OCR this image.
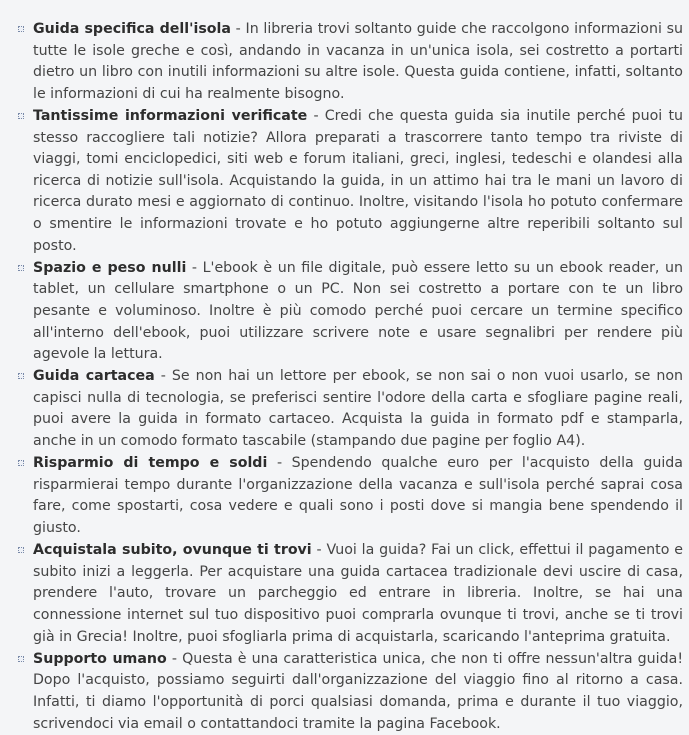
Guida specifica dell'isola - In libreria trovi soltanto guide che raccolgono informazioni su tutte le isole greche e così, andando in vacanza in un'unica isola, sei costretto a portarti dietro un libro con inutili informazioni su altre isole. Questa guida contiene, infatti, soltanto le informazioni di cui ha realmente bisogno.
Tantissime informazioni verificate - Credi che questa guida sia inutile perché puoi tu stesso raccogliere tali notizie? Allora preparati a trascorrere tanto tempo tra riviste di viaggi, tomi enciclopedici, siti web e forum italiani, greci, inglesi, tedeschi e olandesi alla ricerca di notizie sull'isola. Acquistando la guida, in un attimo hai tra le mani un lavoro di ricerca durato mesi e aggiornato di continuo. Inoltre, visitando l'isola ho potuto confermare o smentire le informazioni trovate e ho potuto aggiungerne altre reperibili soltanto sul posto.
Spazio e peso nulli - L'ebook è un file digitale, può essere letto su un ebook reader, un tablet, un cellulare smartphone o un PC. Non sei costretto a portare con te un libro pesante e voluminoso. Inoltre è più comodo perché puoi cercare un termine specifico all'interno dell'ebook, puoi utilizzare scrivere note e usare segnalibri per rendere più agevole la lettura.
Guida cartacea - Se non hai un lettore per ebook, se non sai o non vuoi usarlo, se non capisci nulla di tecnologia, se preferisci sentire l'odore della carta e sfogliare pagine reali, puoi avere la guida in formato cartaceo. Acquista la guida in formato pdf e stamparla, anche in un comodo formato tascabile (stampando due pagine per foglio A4).
Risparmio di tempo e soldi - Spendendo qualche euro per l'acquisto della guida risparmierai tempo durante l'organizzazione della vacanza e sull'isola perché saprai cosa fare, come spostarti, cosa vedere e quali sono i posti dove si mangia bene spendendo il giusto.
Acquistala subito, ovunque ti trovi - Vuoi la guida? Fai un click, effettui il pagamento e subito inizi a leggerla. Per acquistare una guida cartacea tradizionale devi uscire di casa, prendere l'auto, trovare un parcheggio ed entrare in libreria. Inoltre, se hai una connessione internet sul tuo dispositivo puoi comprarla ovunque ti trovi, anche se ti trovi già in Grecia! Inoltre, puoi sfogliarla prima di acquistarla, scaricando l'anteprima gratuita.
Supporto umano - Questa è una caratteristica unica, che non ti offre nessun'altra guida! Dopo l'acquisto, possiamo seguirti dall'organizzazione del viaggio fino al ritorno a casa. Infatti, ti diamo l'opportunità di porci qualsiasi domanda, prima e durante il tuo viaggio, scrivendoci via email o contattandoci tramite la pagina Facebook.
